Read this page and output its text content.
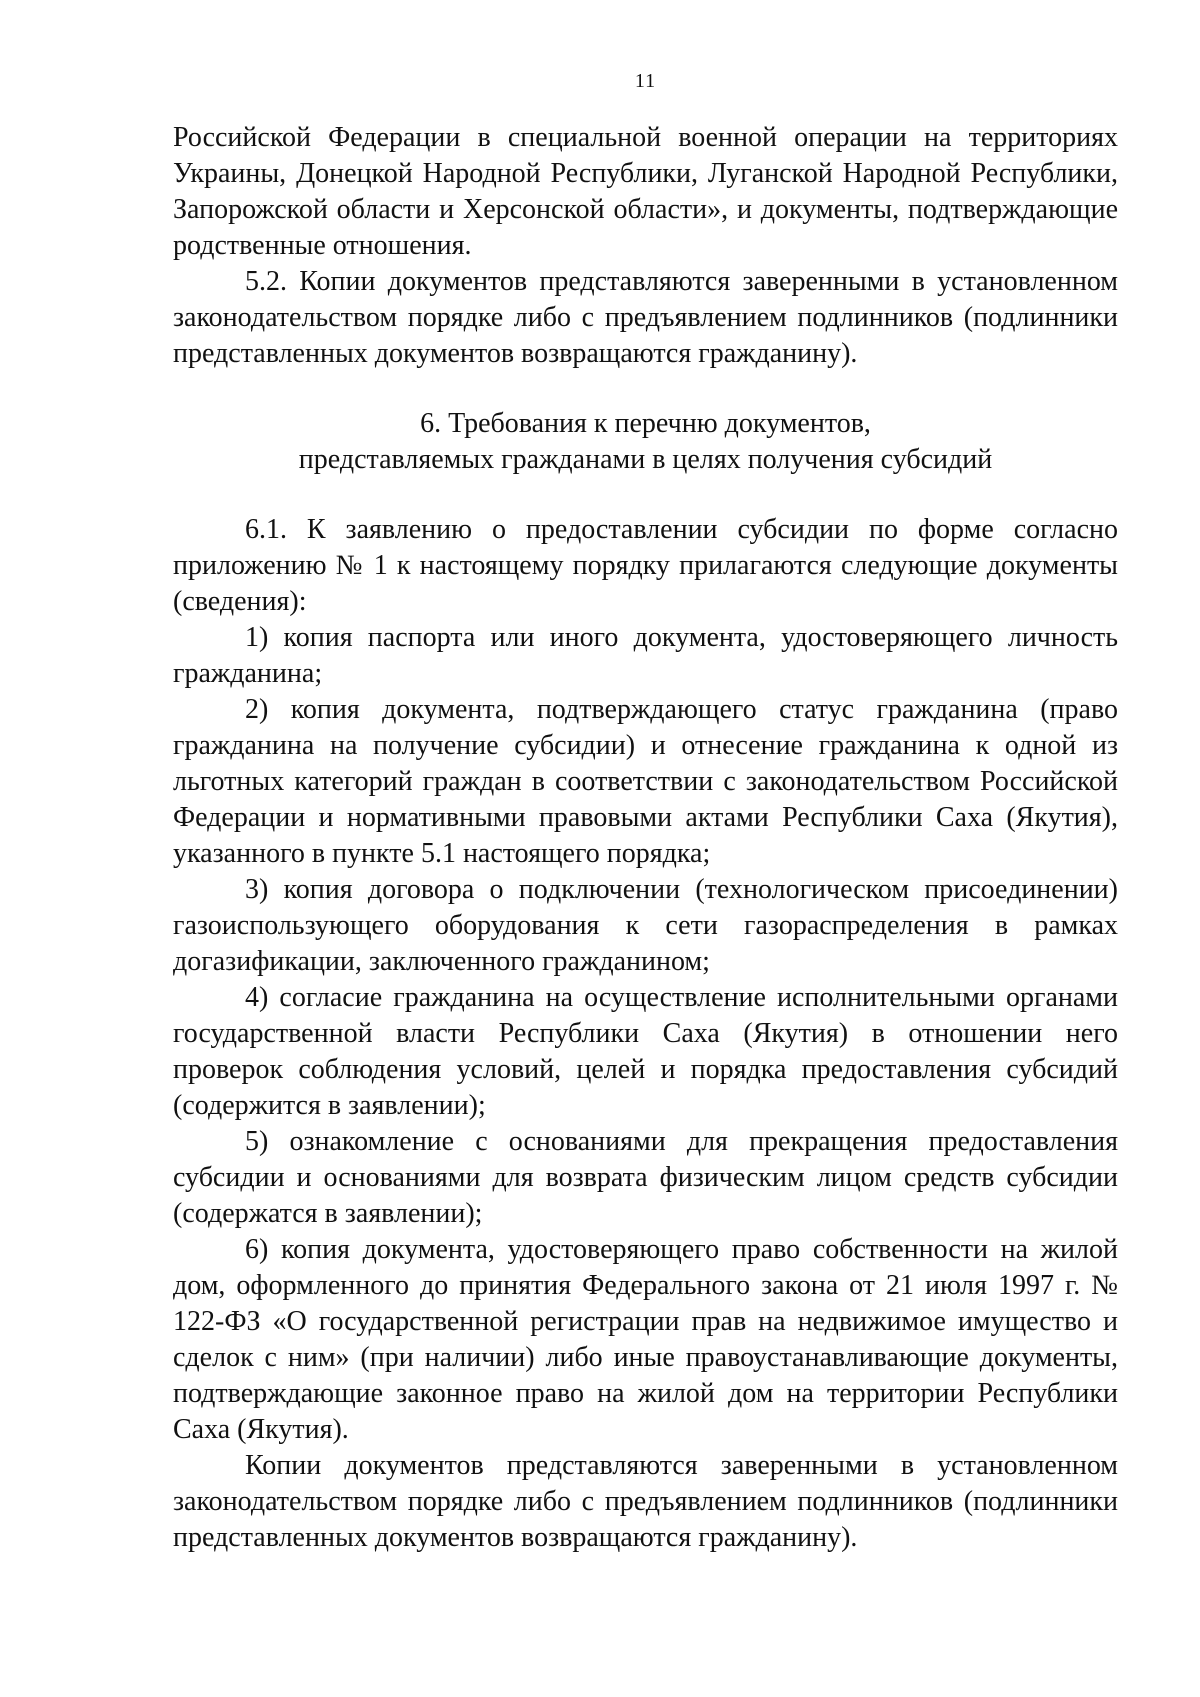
11

Российской Федерации в специальной военной операции на территориях Украины, Донецкой Народной Республики, Луганской Народной Республики, Запорожской области и Херсонской области», и документы, подтверждающие родственные отношения.

5.2. Копии документов представляются заверенными в установленном законодательством порядке либо с предъявлением подлинников (подлинники представленных документов возвращаются гражданину).

6. Требования к перечню документов,
представляемых гражданами в целях получения субсидий

6.1. К заявлению о предоставлении субсидии по форме согласно приложению № 1 к настоящему порядку прилагаются следующие документы (сведения):

1) копия паспорта или иного документа, удостоверяющего личность гражданина;

2) копия документа, подтверждающего статус гражданина (право гражданина на получение субсидии) и отнесение гражданина к одной из льготных категорий граждан в соответствии с законодательством Российской Федерации и нормативными правовыми актами Республики Саха (Якутия), указанного в пункте 5.1 настоящего порядка;

3) копия договора о подключении (технологическом присоединении) газоиспользующего оборудования к сети газораспределения в рамках догазификации, заключенного гражданином;

4) согласие гражданина на осуществление исполнительными органами государственной власти Республики Саха (Якутия) в отношении него проверок соблюдения условий, целей и порядка предоставления субсидий (содержится в заявлении);

5) ознакомление с основаниями для прекращения предоставления субсидии и основаниями для возврата физическим лицом средств субсидии (содержатся в заявлении);

6) копия документа, удостоверяющего право собственности на жилой дом, оформленного до принятия Федерального закона от 21 июля 1997 г. № 122-ФЗ «О государственной регистрации прав на недвижимое имущество и сделок с ним» (при наличии) либо иные правоустанавливающие документы, подтверждающие законное право на жилой дом на территории Республики Саха (Якутия).

Копии документов представляются заверенными в установленном законодательством порядке либо с предъявлением подлинников (подлинники представленных документов возвращаются гражданину).
